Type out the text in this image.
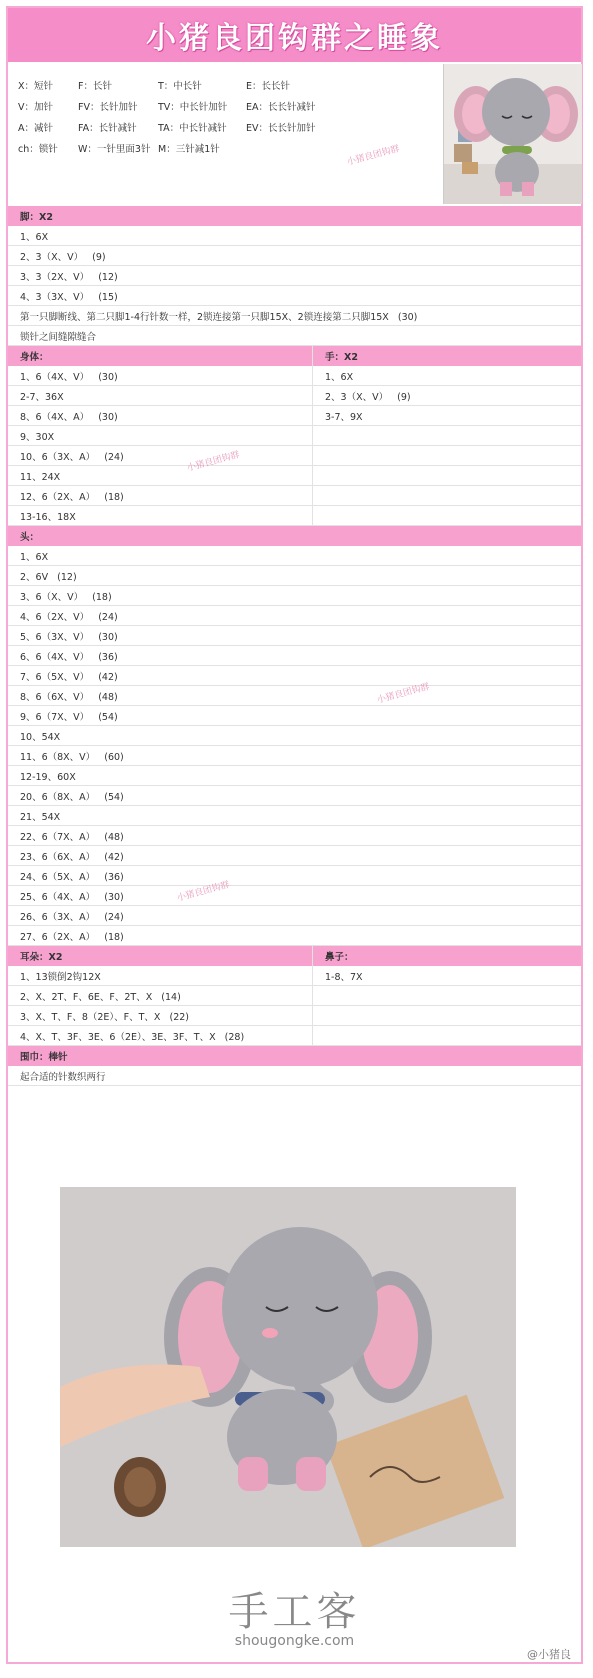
小猪良团钩群之睡象
X：短针	F：长针	T：中长针	E：长长针
V：加针	FV：长针加针 TV：中长针加针 EA：长长针减针
A：减针	FA：长针减针 TA：中长针减针 EV：长长针加针
ch：锁针 W：一针里面3针 M：三针减1针
脚：X2
1、6X
2、3（X、V）   (9)
3、3（2X、V）   (12)
4、3（3X、V）   (15)
第一只脚断线、第二只脚1-4行针数一样，2锁连接第一只脚15X、2锁连接第二只脚15X   (30)
锁针之间缝隙缝合
身体：
1、6（4X、V）   (30)
2-7、36X
8、6（4X、A）   (30)
9、30X
10、6（3X、A）   (24)
11、24X
12、6（2X、A）   (18)
13-16、18X
手：X2
1、6X
2、3（X、V）   (9)
3-7、9X
头：
1、6X
2、6V   (12)
3、6（X、V）   (18)
4、6（2X、V）   (24)
5、6（3X、V）   (30)
6、6（4X、V）   (36)
7、6（5X、V）   (42)
8、6（6X、V）   (48)
9、6（7X、V）   (54)
10、54X
11、6（8X、V）   (60)
12-19、60X
20、6（8X、A）   (54)
21、54X
22、6（7X、A）   (48)
23、6（6X、A）   (42)
24、6（5X、A）   (36)
25、6（4X、A）   (30)
26、6（3X、A）   (24)
27、6（2X、A）   (18)
耳朵：X2
1、13锁倒2钩12X
2、X、2T、F、6E、F、2T、X   (14)
3、X、T、F、8（2E）、F、T、X   (22)
4、X、T、3F、3E、6（2E）、3E、3F、T、X   (28)
鼻子：
1-8、7X
围巾：棒针
起合适的针数织两行
手工客
shougongke.com
@小猪良
小猪良团钩群
小猪良团钩群
小猪良团钩群
小猪良团钩群
